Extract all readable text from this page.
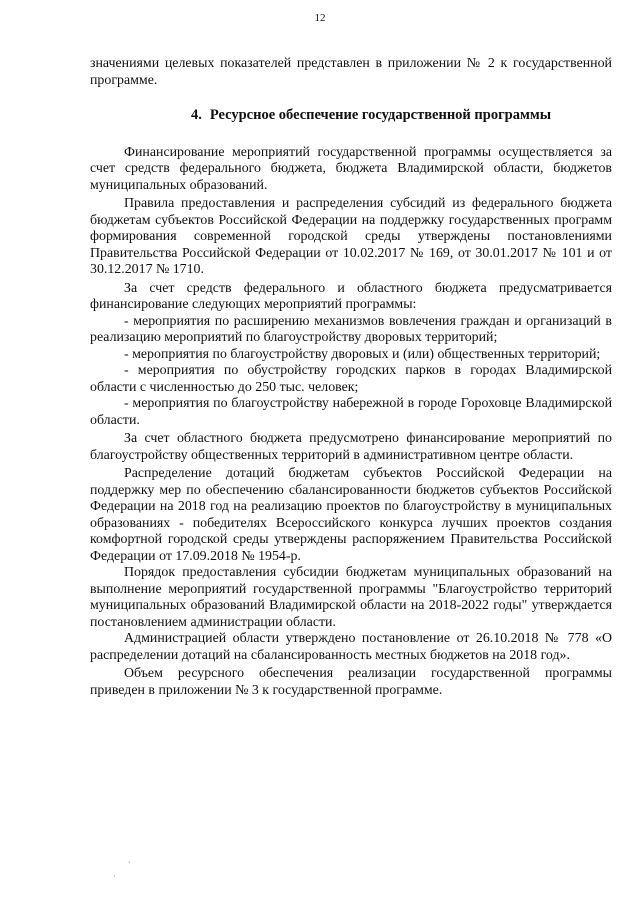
12

значениями целевых показателей представлен в приложении № 2 к государственной программе.

4. Ресурсное обеспечение государственной программы

Финансирование мероприятий государственной программы осуществляется за счет средств федерального бюджета, бюджета Владимирской области, бюджетов муниципальных образований.

Правила предоставления и распределения субсидий из федерального бюджета бюджетам субъектов Российской Федерации на поддержку государственных программ формирования современной городской среды утверждены постановлениями Правительства Российской Федерации от 10.02.2017 № 169, от 30.01.2017 № 101 и от 30.12.2017 № 1710.

За счет средств федерального и областного бюджета предусматривается финансирование следующих мероприятий программы:

- мероприятия по расширению механизмов вовлечения граждан и организаций в реализацию мероприятий по благоустройству дворовых территорий;

- мероприятия по благоустройству дворовых и (или) общественных территорий;

- мероприятия по обустройству городских парков в городах Владимирской области с численностью до 250 тыс. человек;

- мероприятия по благоустройству набережной в городе Гороховце Владимирской области.

За счет областного бюджета предусмотрено финансирование мероприятий по благоустройству общественных территорий в административном центре области.

Распределение дотаций бюджетам субъектов Российской Федерации на поддержку мер по обеспечению сбалансированности бюджетов субъектов Российской Федерации на 2018 год на реализацию проектов по благоустройству в муниципальных образованиях - победителях Всероссийского конкурса лучших проектов создания комфортной городской среды утверждены распоряжением Правительства Российской Федерации от 17.09.2018 № 1954-р.

Порядок предоставления субсидии бюджетам муниципальных образований на выполнение мероприятий государственной программы "Благоустройство территорий муниципальных образований Владимирской области на 2018-2022 годы" утверждается постановлением администрации области.

Администрацией области утверждено постановление от 26.10.2018 № 778 «О распределении дотаций на сбалансированность местных бюджетов на 2018 год».

Объем ресурсного обеспечения реализации государственной программы приведен в приложении № 3 к государственной программе.

·
·
